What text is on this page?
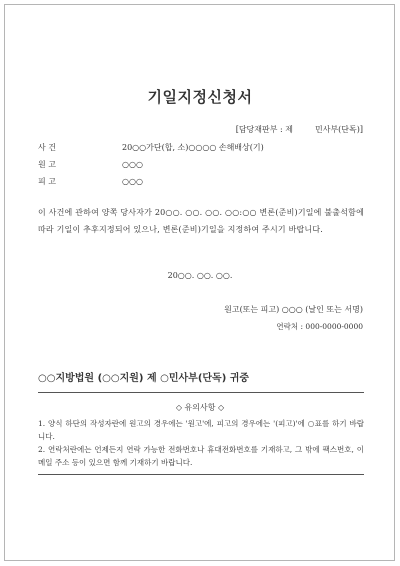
기일지정신청서
[담당재판부 : 제	민사부(단독)]
사 건	20○○가단(합, 소)○○○○ 손해배상(기)
원 고	○○○
피 고	○○○
이 사건에 관하여 양쪽 당사자가 20○○. ○○. ○○. ○○:○○ 변론(준비)기일에 불출석함에 따라 기일이 추후지정되어 있으나, 변론(준비)기일을 지정하여 주시기 바랍니다.
20○○. ○○. ○○.
원고(또는 피고) ○○○ (날인 또는 서명)
연락처 : 000-0000-0000
○○지방법원 (○○지원) 제 ○민사부(단독) 귀중
◇ 유의사항 ◇
1. 양식 하단의 작성자란에 원고의 경우에는 '원고'에, 피고의 경우에는 '(피고)'에 ○표를 하기 바랍니다.
2. 연락처란에는 언제든지 연락 가능한 전화번호나 휴대전화번호를 기재하고, 그 밖에 팩스번호, 이메일 주소 등이 있으면 함께 기재하기 바랍니다.
